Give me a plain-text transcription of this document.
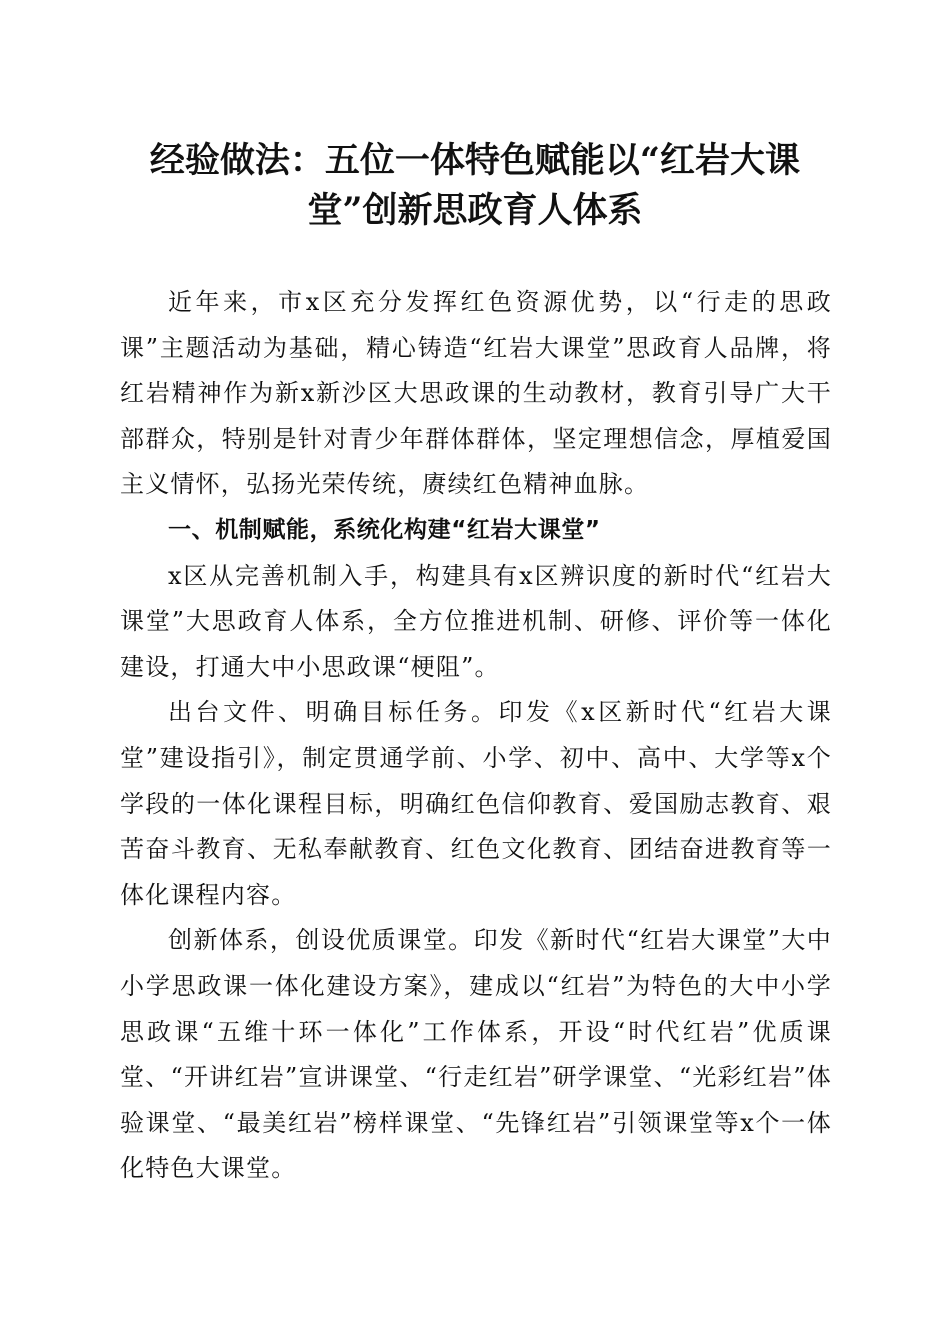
经验做法：五位一体特色赋能以“红岩大课堂”创新思政育人体系

近年来，市x区充分发挥红色资源优势，以“行走的思政课”主题活动为基础，精心铸造“红岩大课堂”思政育人品牌，将红岩精神作为新x新沙区大思政课的生动教材，教育引导广大干部群众，特别是针对青少年群体群体，坚定理想信念，厚植爱国主义情怀，弘扬光荣传统，赓续红色精神血脉。

一、机制赋能，系统化构建“红岩大课堂”

x区从完善机制入手，构建具有x区辨识度的新时代“红岩大课堂”大思政育人体系，全方位推进机制、研修、评价等一体化建设，打通大中小思政课“梗阻”。

出台文件、明确目标任务。印发《x区新时代“红岩大课堂”建设指引》，制定贯通学前、小学、初中、高中、大学等x个学段的一体化课程目标，明确红色信仰教育、爱国励志教育、艰苦奋斗教育、无私奉献教育、红色文化教育、团结奋进教育等一体化课程内容。

创新体系，创设优质课堂。印发《新时代“红岩大课堂”大中小学思政课一体化建设方案》，建成以“红岩”为特色的大中小学思政课“五维十环一体化”工作体系，开设“时代红岩”优质课堂、“开讲红岩”宣讲课堂、“行走红岩”研学课堂、“光彩红岩”体验课堂、“最美红岩”榜样课堂、“先锋红岩”引领课堂等x个一体化特色大课堂。
